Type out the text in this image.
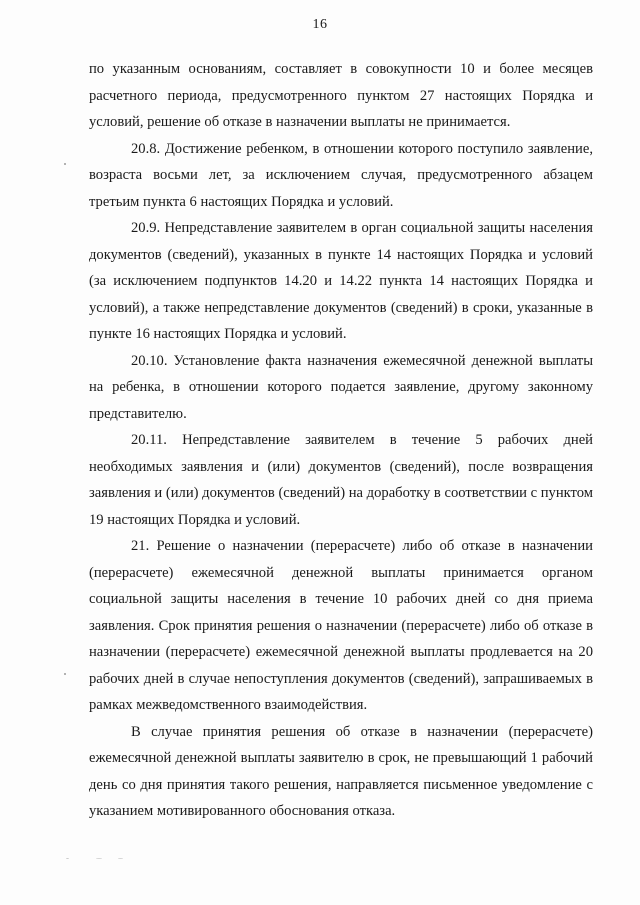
16

по указанным основаниям, составляет в совокупности 10 и более месяцев расчетного периода, предусмотренного пунктом 27 настоящих Порядка и условий, решение об отказе в назначении выплаты не принимается.

20.8. Достижение ребенком, в отношении которого поступило заявление, возраста восьми лет, за исключением случая, предусмотренного абзацем третьим пункта 6 настоящих Порядка и условий.

20.9. Непредставление заявителем в орган социальной защиты населения документов (сведений), указанных в пункте 14 настоящих Порядка и условий (за исключением подпунктов 14.20 и 14.22 пункта 14 настоящих Порядка и условий), а также непредставление документов (сведений) в сроки, указанные в пункте 16 настоящих Порядка и условий.

20.10. Установление факта назначения ежемесячной денежной выплаты на ребенка, в отношении которого подается заявление, другому законному представителю.

20.11. Непредставление заявителем в течение 5 рабочих дней необходимых заявления и (или) документов (сведений), после возвращения заявления и (или) документов (сведений) на доработку в соответствии с пунктом 19 настоящих Порядка и условий.

21. Решение о назначении (перерасчете) либо об отказе в назначении (перерасчете) ежемесячной денежной выплаты принимается органом социальной защиты населения в течение 10 рабочих дней со дня приема заявления. Срок принятия решения о назначении (перерасчете) либо об отказе в назначении (перерасчете) ежемесячной денежной выплаты продлевается на 20 рабочих дней в случае непоступления документов (сведений), запрашиваемых в рамках межведомственного взаимодействия.

В случае принятия решения об отказе в назначении (перерасчете) ежемесячной денежной выплаты заявителю в срок, не превышающий 1 рабочий день со дня принятия такого решения, направляется письменное уведомление с указанием мотивированного обоснования отказа.
